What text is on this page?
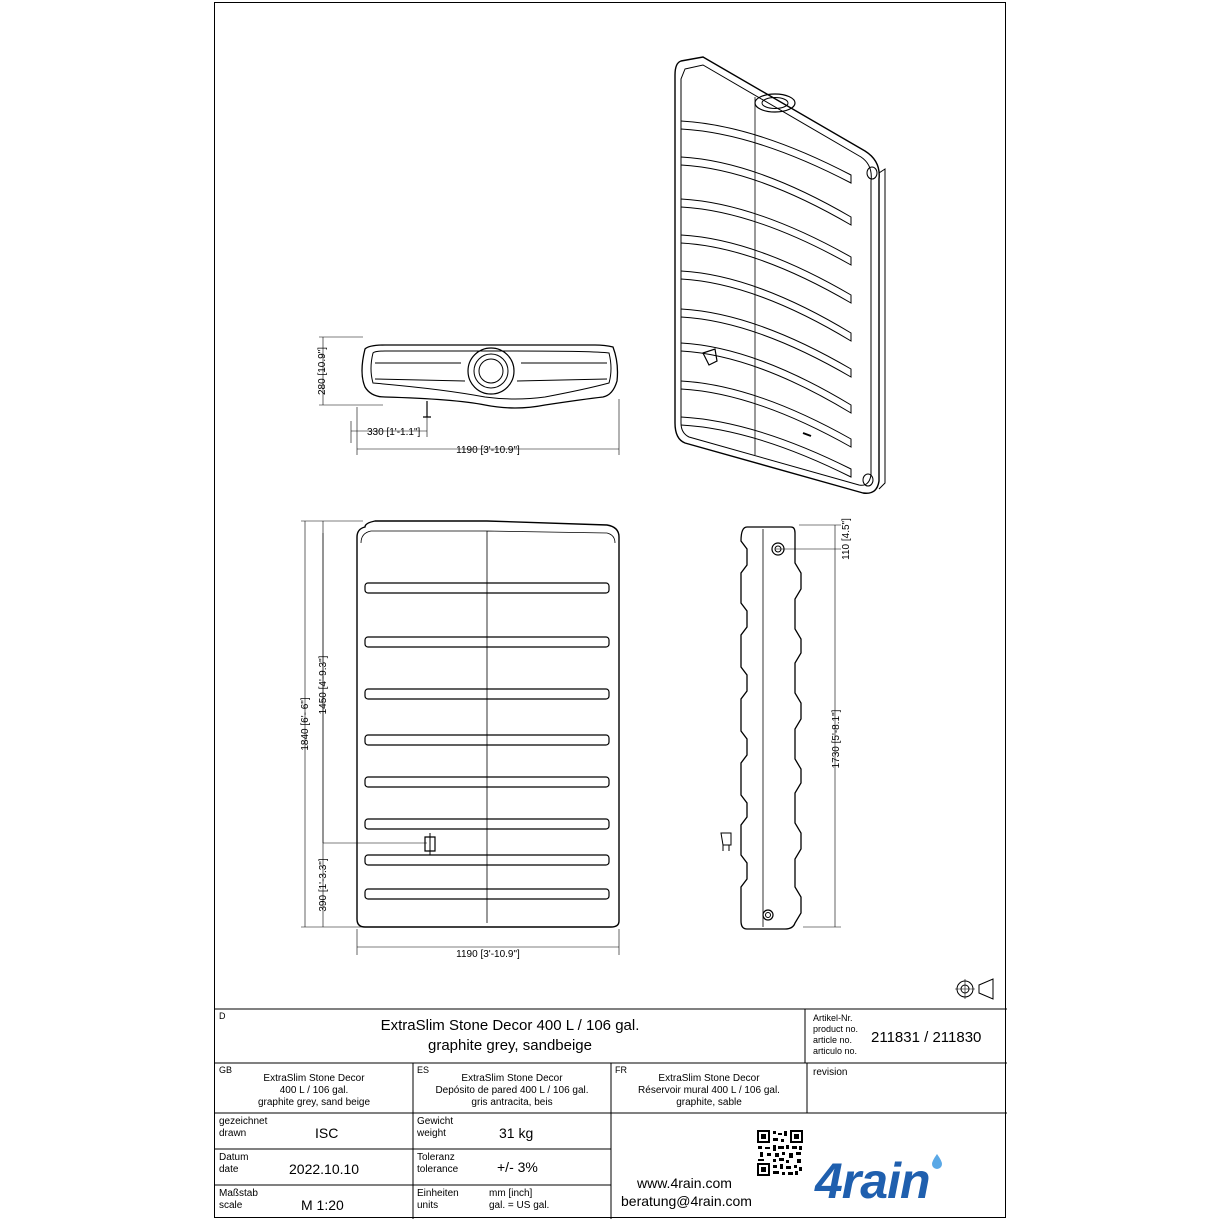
280 [10.9"]
330 [1'-1.1"]
1190 [3'-10.9"]
1840 [6'- 6"]
1450 [4'-9.3"]
390 [1'-3.3"]
1190 [3'-10.9"]
110 [4.5"]
1730 [5'-8.1"]
D
ExtraSlim Stone Decor 400 L / 106 gal.
graphite grey, sandbeige
Artikel-Nr.
product no.
article no.
articulo no.
211831 / 211830
GB
ExtraSlim Stone Decor
400 L / 106 gal.
graphite grey, sand beige
ES
ExtraSlim Stone Decor
Depósito de pared 400 L / 106 gal.
gris antracita, beis
FR
ExtraSlim Stone Decor
Réservoir mural 400 L / 106 gal.
graphite, sable
revision
gezeichnet
drawn	ISC
Datum
date	2022.10.10
Maßstab
scale	M 1:20
Gewicht
weight	31 kg
Toleranz
tolerance	+/- 3%
Einheiten
units
mm [inch]
gal. = US gal.
www.4rain.com
beratung@4rain.com 4rain
